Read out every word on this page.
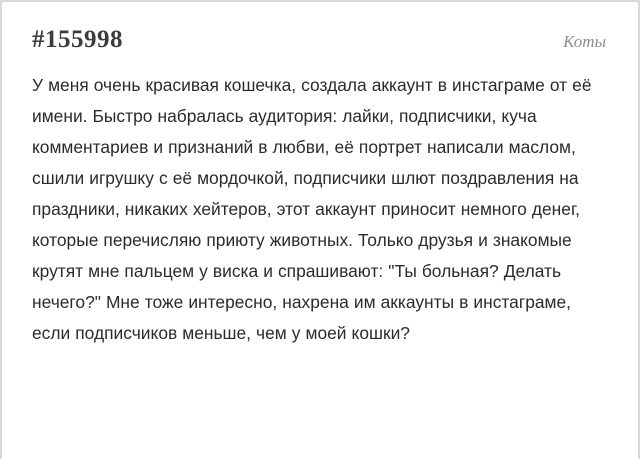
#155998	Коты
У меня очень красивая кошечка, создала аккаунт в инстаграме от её имени. Быстро набралась аудитория: лайки, подписчики, куча комментариев и признаний в любви, её портрет написали маслом, сшили игрушку с её мордочкой, подписчики шлют поздравления на праздники, никаких хейтеров, этот аккаунт приносит немного денег, которые перечисляю приюту животных. Только друзья и знакомые крутят мне пальцем у виска и спрашивают: "Ты больная? Делать нечего?" Мне тоже интересно, нахрена им аккаунты в инстаграме, если подписчиков меньше, чем у моей кошки?
